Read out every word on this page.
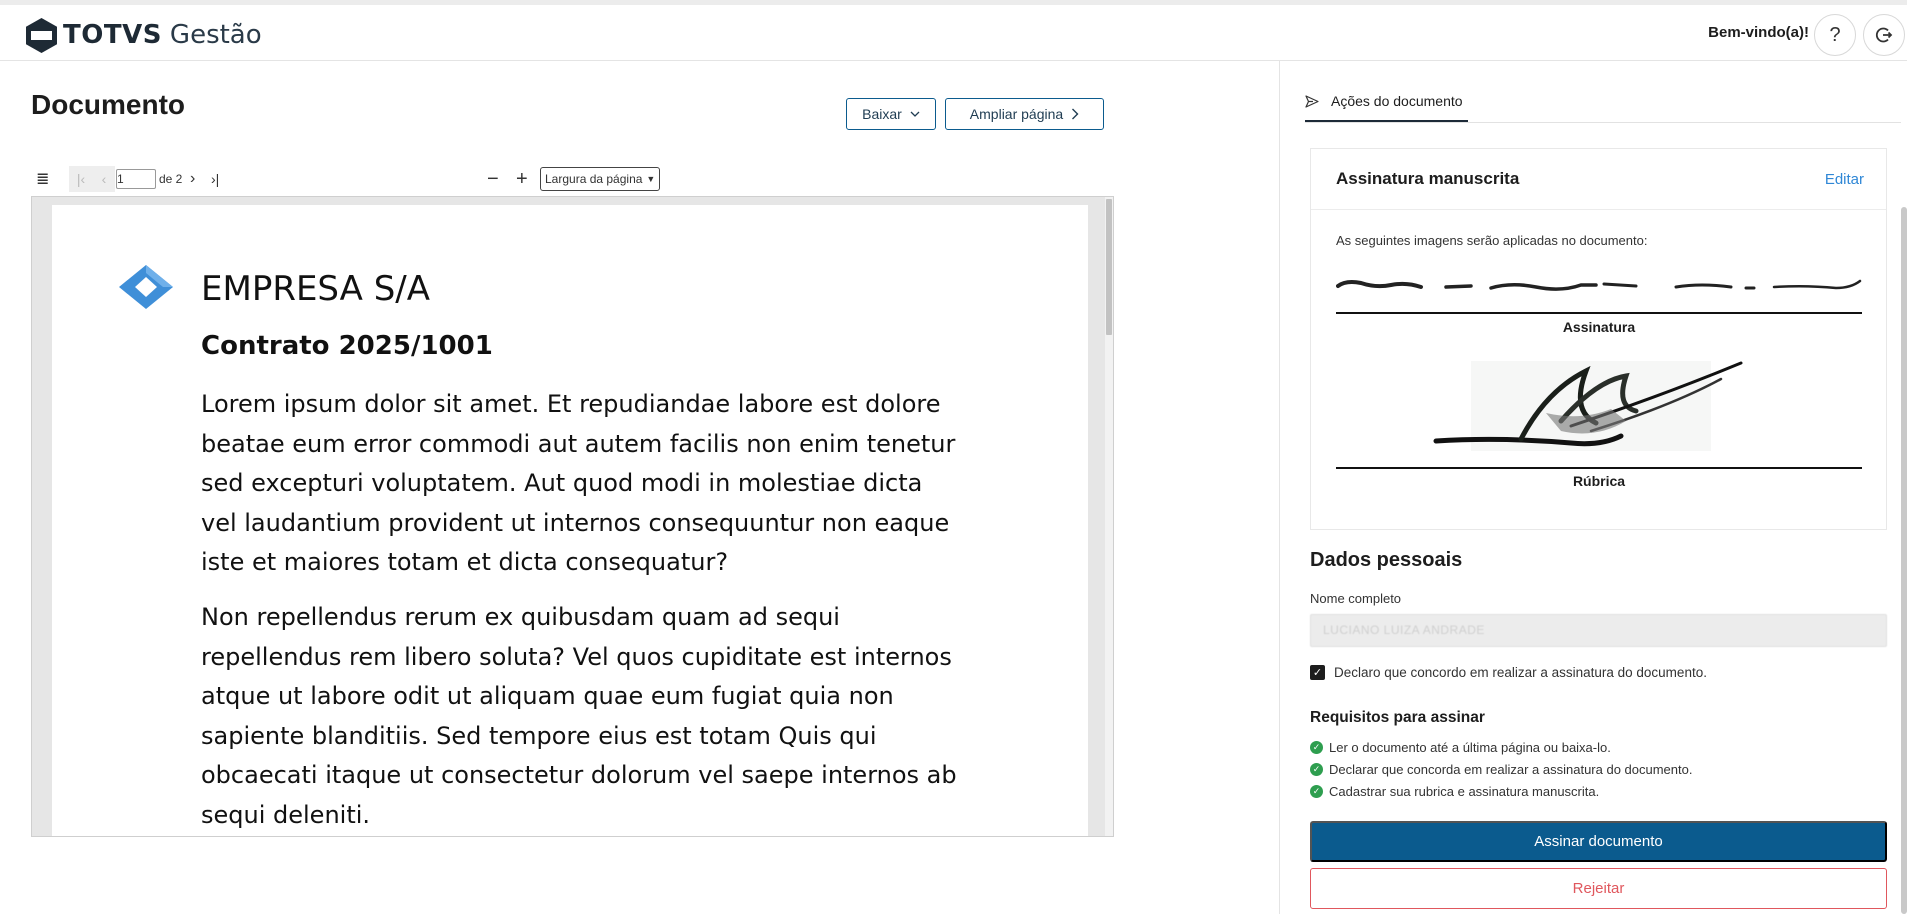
TOTVS Gestão	Bem-vindo(a)! ?
Documento	Baixar	Ampliar página
≣	|‹	‹ 1	de 2 › ›|	− + Largura da página ▼
EMPRESA S/A
Contrato 2025/1001

Lorem ipsum dolor sit amet. Et repudiandae labore est dolore beatae eum error commodi aut autem facilis non enim tenetur sed excepturi voluptatem. Aut quod modi in molestiae dicta vel laudantium provident ut internos consequuntur non eaque iste et maiores totam et dicta consequatur?

Non repellendus rerum ex quibusdam quam ad sequi repellendus rem libero soluta? Vel quos cupiditate est internos atque ut labore odit ut aliquam quae eum fugiat quia non sapiente blanditiis. Sed tempore eius est totam Quis qui obcaecati itaque ut consectetur dolorum vel saepe internos ab sequi deleniti.

Ações do documento
Assinatura manuscrita	Editar
As seguintes imagens serão aplicadas no documento:
Assinatura
Rúbrica
Dados pessoais
Nome completo
LUCIANO LUIZA ANDRADE
✓ Declaro que concordo em realizar a assinatura do documento.
Requisitos para assinar
✓ Ler o documento até a última página ou baixa-lo.
✓ Declarar que concorda em realizar a assinatura do documento.
✓ Cadastrar sua rubrica e assinatura manuscrita.
Assinar documento
Rejeitar
